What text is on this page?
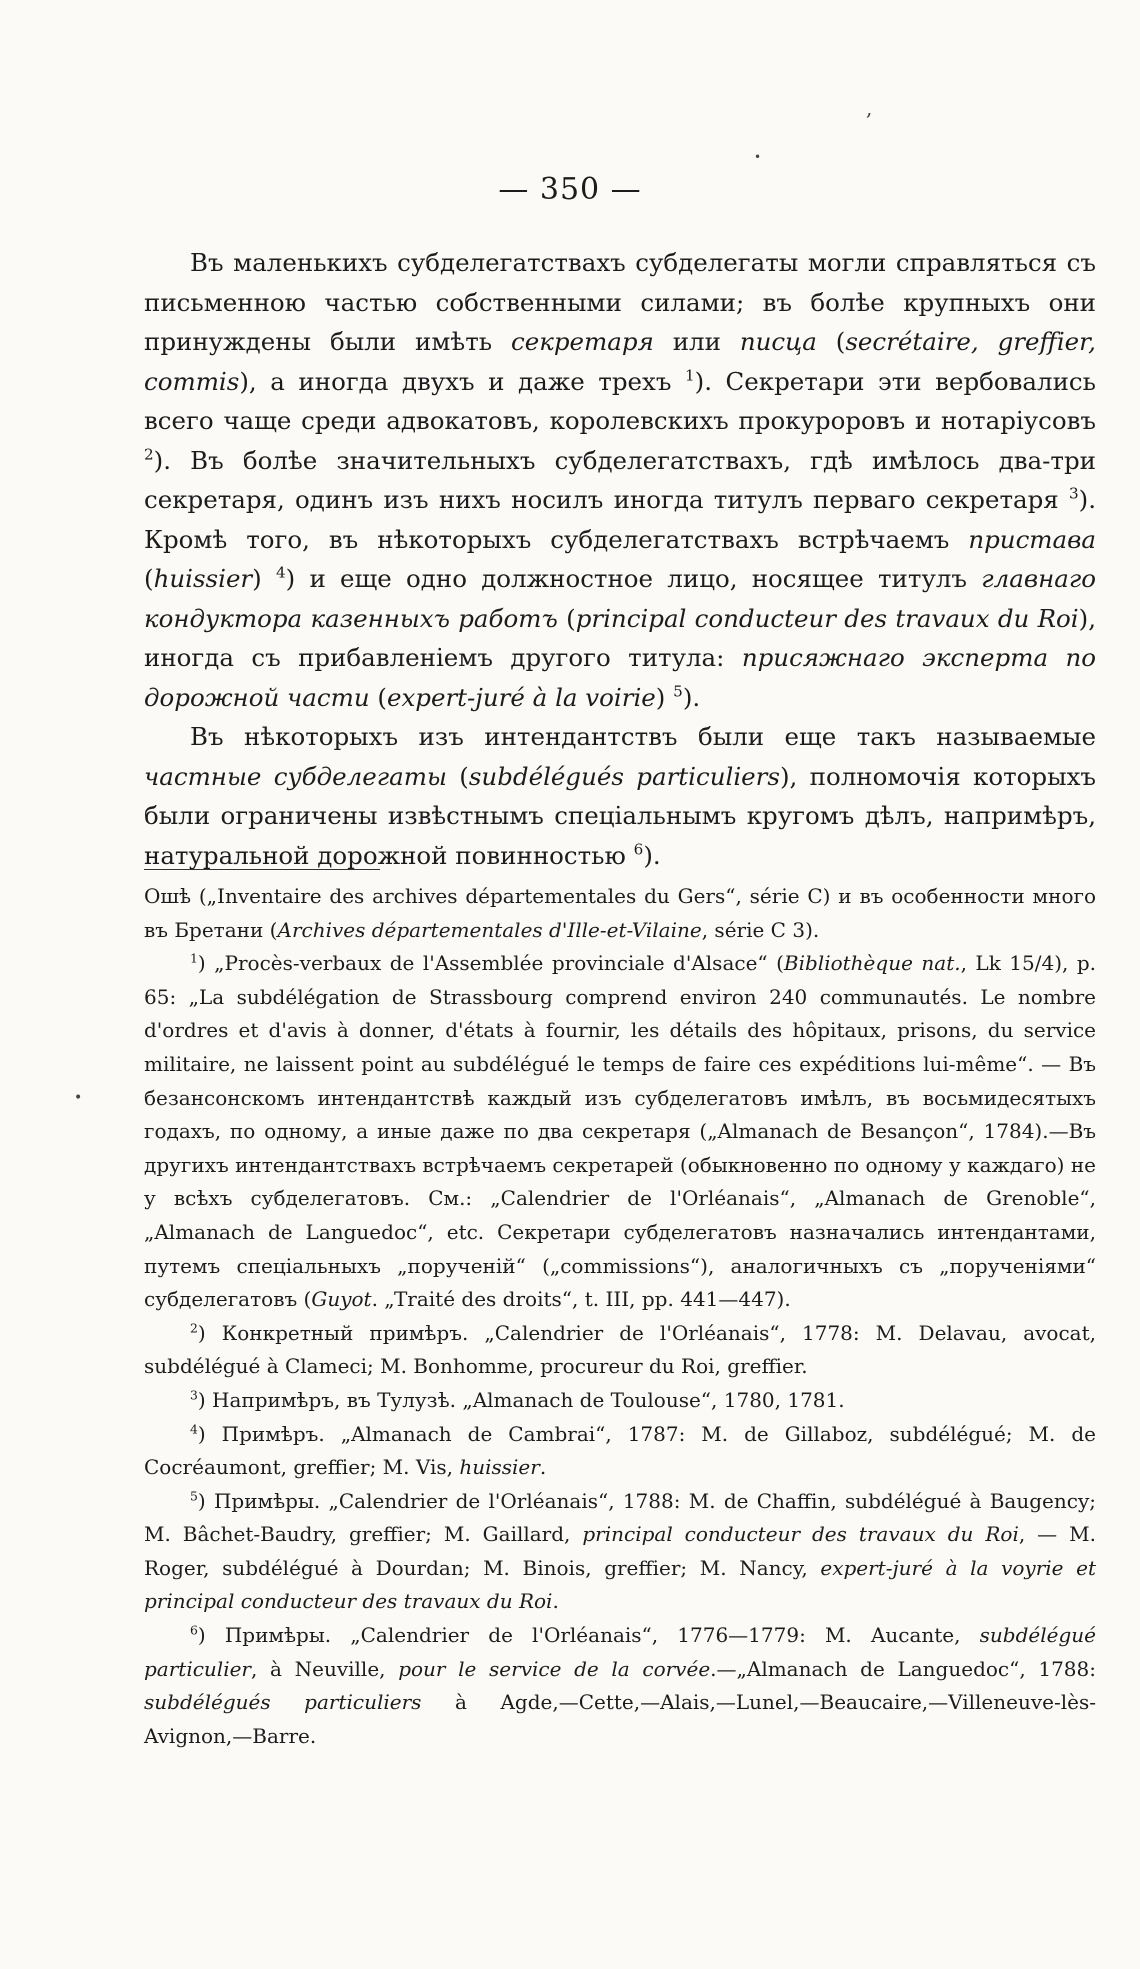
,
•
•
— 350 —

Въ маленькихъ субделегатствахъ субделегаты могли справляться съ письменною частью собственными силами; въ болѣе крупныхъ они принуждены были имѣть секретаря или писца (secrétaire, greffier, commis), а иногда двухъ и даже трехъ $^1$). Секретари эти вербовались всего чаще среди адвокатовъ, королевскихъ прокуроровъ и нотаріусовъ $^2$). Въ болѣе значительныхъ субделегатствахъ, гдѣ имѣлось два-три секретаря, одинъ изъ нихъ носилъ иногда титулъ перваго секретаря $^3$). Кромѣ того, въ нѣкоторыхъ субделегатствахъ встрѣчаемъ пристава (huissier) $^4$) и еще одно должностное лицо, носящее титулъ главнаго кондуктора казенныхъ работъ (principal conducteur des travaux du Roi), иногда съ прибавленіемъ другого титула: присяжнаго эксперта по дорожной части (expert-juré à la voirie) $^5$).

Въ нѣкоторыхъ изъ интендантствъ были еще такъ называемые частные субделегаты (subdélégués particuliers), полномочія которыхъ были ограничены извѣстнымъ спеціальнымъ кругомъ дѣлъ, напримѣръ, натуральной дорожной повинностью $^6$).

Ошѣ („Inventaire des archives départementales du Gers“, série C) и въ особенности много въ Бретани (Archives départementales d'Ille-et-Vilaine, série C 3).

$^1$) „Procès-verbaux de l'Assemblée provinciale d'Alsace“ (Bibliothèque nat., Lk 15/4), p. 65: „La subdélégation de Strassbourg comprend environ 240 communautés. Le nombre d'ordres et d'avis à donner, d'états à fournir, les détails des hôpitaux, prisons, du service militaire, ne laissent point au subdélégué le temps de faire ces expéditions lui-même“. — Въ безансонскомъ интендантствѣ каждый изъ субделегатовъ имѣлъ, въ восьмидесятыхъ годахъ, по одному, а иные даже по два секретаря („Almanach de Besançon“, 1784).—Въ другихъ интендантствахъ встрѣчаемъ секретарей (обыкновенно по одному у каждаго) не у всѣхъ субделегатовъ. См.: „Calendrier de l'Orléanais“, „Almanach de Grenoble“, „Almanach de Languedoc“, etc. Секретари субделегатовъ назначались интендантами, путемъ спеціальныхъ „порученій“ („commissions“), аналогичныхъ съ „порученіями“ субделегатовъ (Guyot. „Traité des droits“, t. III, pp. 441—447).

$^2$) Конкретный примѣръ. „Calendrier de l'Orléanais“, 1778: M. Delavau, avocat, subdélégué à Clamecі; M. Bonhomme, procureur du Roi, greffier.

$^3$) Напримѣръ, въ Тулузѣ. „Almanach de Toulouse“, 1780, 1781.

$^4$) Примѣръ. „Almanach de Cambrai“, 1787: M. de Gillaboz, subdélégué; M. de Cocréaumont, greffier; M. Vis, huissier.

$^5$) Примѣры. „Calendrier de l'Orléanais“, 1788: M. de Chaffin, subdélégué à Baugency; M. Bâchet-Baudry, greffier; M. Gaillard, principal conducteur des travaux du Roi, — M. Roger, subdélégué à Dourdan; M. Binois, greffier; M. Nancy, expert-juré à la voyrie et principal conducteur des travaux du Roi.

$^6$) Примѣры. „Calendrier de l'Orléanais“, 1776—1779: M. Aucante, subdélégué particulier, à Neuville, pour le service de la corvée.—„Almanach de Languedoc“, 1788: subdélégués particuliers à Agde,—Cette,—Alais,—Lunel,—Beaucaire,—Villeneuve-lès-Avignon,—Barre.
